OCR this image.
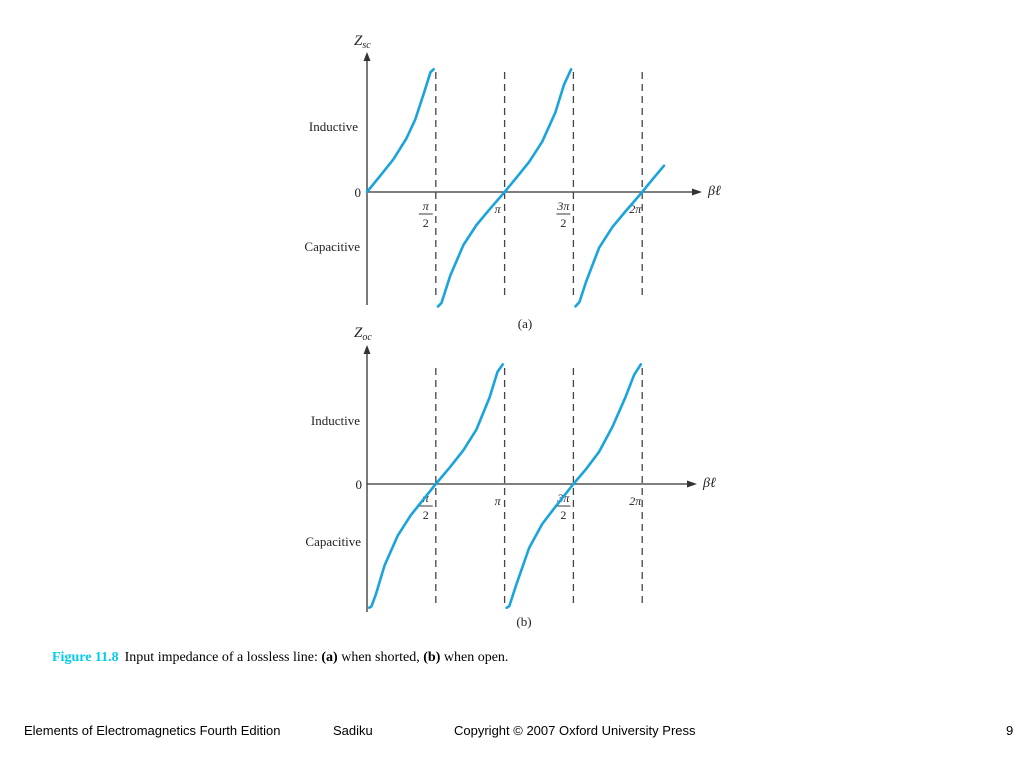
$Z_{sc}$
Inductive
0
Capacitive
βℓ
(a)
π
2
π	3π
2
2π
$Z_{oc}$
Inductive
0
Capacitive
βℓ
(b)
π
2
π	3π
2
2π
Figure 11.8 Input impedance of a lossless line: (a) when shorted, (b) when open.
Elements of Electromagnetics Fourth Edition	Sadiku	Copyright © 2007 Oxford University Press	9
